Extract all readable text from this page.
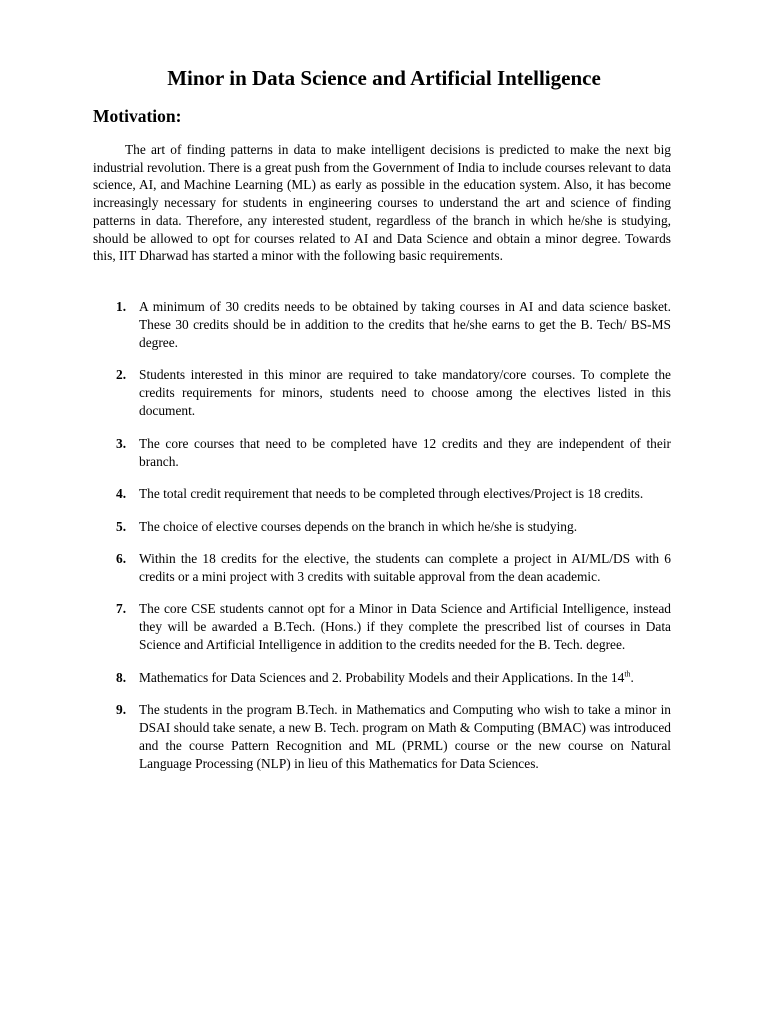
Minor in Data Science and Artificial Intelligence
Motivation:

The art of finding patterns in data to make intelligent decisions is predicted to make the next big industrial revolution. There is a great push from the Government of India to include courses relevant to data science, AI, and Machine Learning (ML) as early as possible in the education system. Also, it has become increasingly necessary for students in engineering courses to understand the art and science of finding patterns in data. Therefore, any interested student, regardless of the branch in which he/she is studying, should be allowed to opt for courses related to AI and Data Science and obtain a minor degree. Towards this, IIT Dharwad has started a minor with the following basic requirements.

1. A minimum of 30 credits needs to be obtained by taking courses in AI and data science basket. These 30 credits should be in addition to the credits that he/she earns to get the B. Tech/ BS-MS degree.
2. Students interested in this minor are required to take mandatory/core courses. To complete the credits requirements for minors, students need to choose among the electives listed in this document.
3. The core courses that need to be completed have 12 credits and they are independent of their branch.
4. The total credit requirement that needs to be completed through electives/Project is 18 credits.
5. The choice of elective courses depends on the branch in which he/she is studying.
6. Within the 18 credits for the elective, the students can complete a project in AI/ML/DS with 6 credits or a mini project with 3 credits with suitable approval from the dean academic.
7. The core CSE students cannot opt for a Minor in Data Science and Artificial Intelligence, instead they will be awarded a B.Tech. (Hons.) if they complete the prescribed list of courses in Data Science and Artificial Intelligence in addition to the credits needed for the B. Tech. degree.
8. Mathematics for Data Sciences and 2. Probability Models and their Applications. In the 14th.
9. The students in the program B.Tech. in Mathematics and Computing who wish to take a minor in DSAI should take senate, a new B. Tech. program on Math & Computing (BMAC) was introduced and the course Pattern Recognition and ML (PRML) course or the new course on Natural Language Processing (NLP) in lieu of this Mathematics for Data Sciences.
